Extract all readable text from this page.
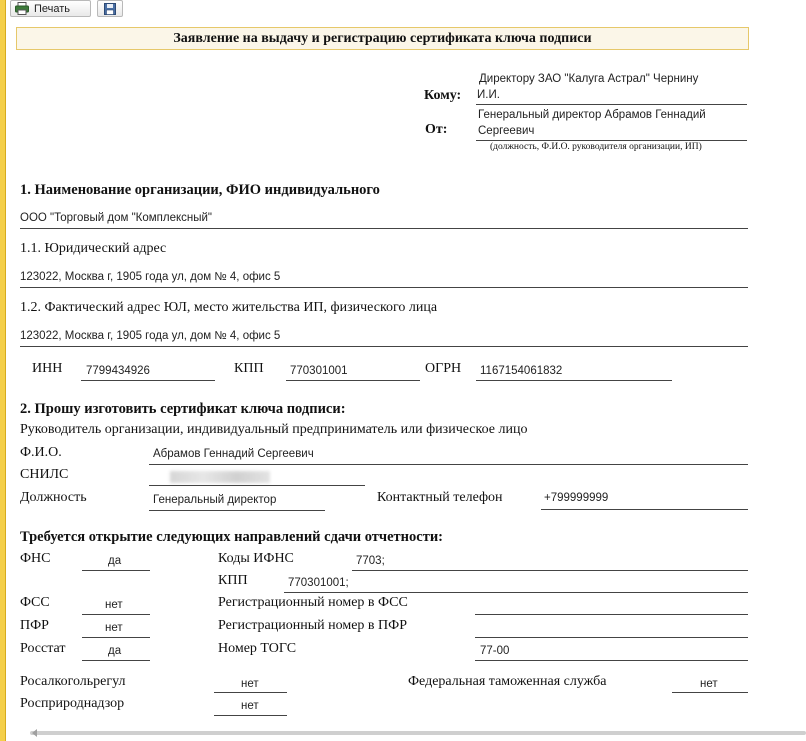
Печать
Заявление на выдачу и регистрацию сертификата ключа подписи
Кому:
Директору ЗАО "Калуга Астрал" Чернину
И.И.
От:
Генеральный директор Абрамов Геннадий
Сергеевич
(должность, Ф.И.О. руководителя организации, ИП)
1. Наименование организации, ФИО индивидуального
ООО "Торговый дом "Комплексный"
1.1. Юридический адрес
123022, Москва г, 1905 года ул, дом № 4, офис 5
1.2. Фактический адрес ЮЛ, место жительства ИП, физического лица
123022, Москва г, 1905 года ул, дом № 4, офис 5
ИНН 7799434926	КПП 770301001	ОГРН 1167154061832
2. Прошу изготовить сертификат ключа подписи:
Руководитель организации, индивидуальный предприниматель или физическое лицо
Ф.И.О.	Абрамов Геннадий Сергеевич
СНИЛС
Должность	Генеральный директор	Контактный телефон	+799999999
Требуется открытие следующих направлений сдачи отчетности:
ФНС	да	Коды ИФНС	7703;
КПП	770301001;
ФСС	нет	Регистрационный номер в ФСС
ПФР	нет	Регистрационный номер в ПФР
Росстат	да	Номер ТОГС	77-00
Росалкогольрегул	нет	Федеральная таможенная служба	нет
Росприроднадзор	нет
